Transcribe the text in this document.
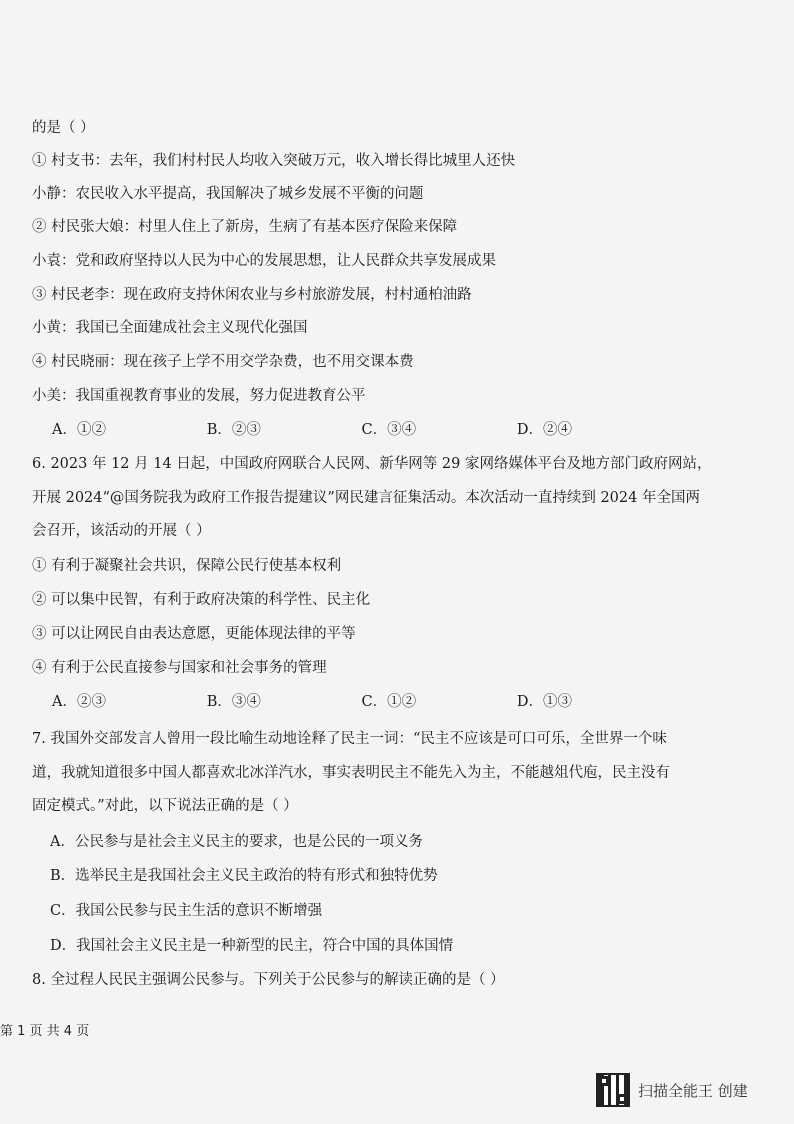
的是（ ）
① 村支书：去年，我们村村民人均收入突破万元，收入增长得比城里人还快
小静：农民收入水平提高，我国解决了城乡发展不平衡的问题
② 村民张大娘：村里人住上了新房，生病了有基本医疗保险来保障
小袁：党和政府坚持以人民为中心的发展思想，让人民群众共享发展成果
③ 村民老李：现在政府支持休闲农业与乡村旅游发展，村村通柏油路
小黄：我国已全面建成社会主义现代化强国
④ 村民晓丽：现在孩子上学不用交学杂费，也不用交课本费
小美：我国重视教育事业的发展，努力促进教育公平
A．①②	B．②③	C．③④	D．②④
6. 2023 年 12 月 14 日起，中国政府网联合人民网、新华网等 29 家网络媒体平台及地方部门政府网站，
开展 2024“@国务院我为政府工作报告提建议”网民建言征集活动。本次活动一直持续到 2024 年全国两
会召开，该活动的开展（ ）
① 有利于凝聚社会共识，保障公民行使基本权利
② 可以集中民智，有利于政府决策的科学性、民主化
③ 可以让网民自由表达意愿，更能体现法律的平等
④ 有利于公民直接参与国家和社会事务的管理
A．②③	B．③④	C．①②	D．①③
7. 我国外交部发言人曾用一段比喻生动地诠释了民主一词：“民主不应该是可口可乐，全世界一个味
道，我就知道很多中国人都喜欢北冰洋汽水，事实表明民主不能先入为主，不能越俎代庖，民主没有
固定模式。”对此，以下说法正确的是（ ）
A．公民参与是社会主义民主的要求，也是公民的一项义务
B．选举民主是我国社会主义民主政治的特有形式和独特优势
C．我国公民参与民主生活的意识不断增强
D．我国社会主义民主是一种新型的民主，符合中国的具体国情
8. 全过程人民民主强调公民参与。下列关于公民参与的解读正确的是（ ）
第 1 页 共 4 页
扫描全能王 创建
